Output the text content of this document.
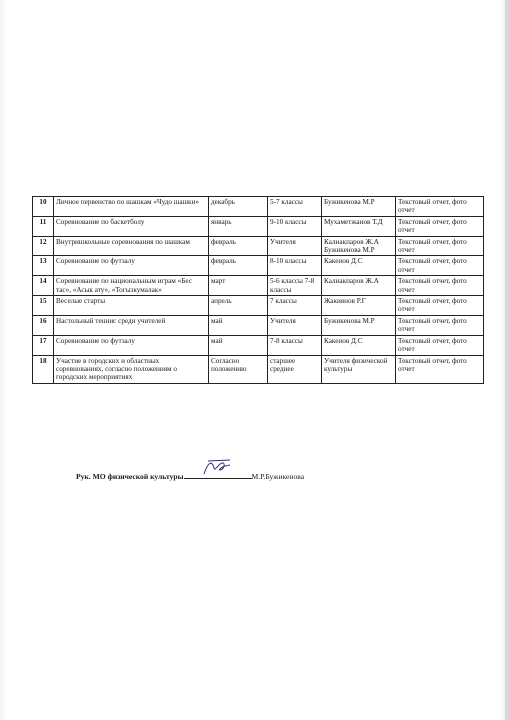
10	Личное первенство по шашкам «Чудо шашки»	декабрь	5-7 классы	Бужикенова М.Р	Текстовый отчет, фото отчет
11	Соревнование по баскетболу	январь	9-10 классы	Мухаметжанов Т.Д	Текстовый отчет, фото отчет
12	Внутришкольные соревнования по шашкам	февраль	Учителя	Калиакпаров Ж.А Бужикенова М.Р	Текстовый отчет, фото отчет
13	Соревнование по футзалу	февраль	8-10 классы	Какенов Д.С	Текстовый отчет, фото отчет
14	Соревнование по национальным играм «Бес тас», «Асык ату», «Тогызкумалак»	март	5-6 классы 7-8 классы	Калиакпаров Ж.А	Текстовый отчет, фото отчет
15	Веселые старты	апрель	7 классы	Жакиянов Р.Г	Текстовый отчет, фото отчет
16	Настольный теннис среди учителей	май	Учителя	Бужикенова М.Р	Текстовый отчет, фото отчет
17	Соревнование по футзалу	май	7-8 классы	Какенов Д.С	Текстовый отчет, фото отчет
18	Участие в городских и областных соревнованиях, согласно положениям о городских мероприятиях	Согласно положению	старшее среднее	Учителя физической культуры	Текстовый отчет, фото отчет
Рук. МО физической культуры	М.Р.Бужикенова
